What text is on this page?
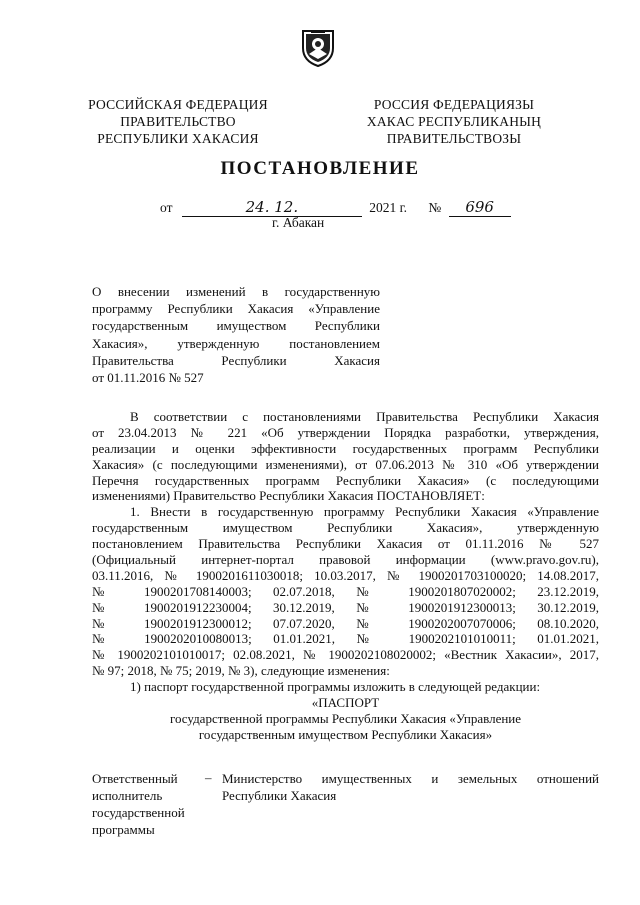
РОССИЙСКАЯ ФЕДЕРАЦИЯ
ПРАВИТЕЛЬСТВО
РЕСПУБЛИКИ ХАКАСИЯ
РОССИЯ ФЕДЕРАЦИЯЗЫ
ХАКАС РЕСПУБЛИКАНЫҢ
ПРАВИТЕЛЬСТВОЗЫ
ПОСТАНОВЛЕНИЕ
от	24. 12.	2021 г. № 696
г. Абакан
О внесении изменений в государственную
программу Республики Хакасия «Управление
государственным имуществом Республики
Хакасия», утвержденную постановлением
Правительства Республики Хакасия
от 01.11.2016 № 527
В соответствии с постановлениями Правительства Республики Хакасия
от 23.04.2013 № 221 «Об утверждении Порядка разработки, утверждения,
реализации и оценки эффективности государственных программ Республики
Хакасия» (с последующими изменениями), от 07.06.2013 № 310 «Об утверждении
Перечня государственных программ Республики Хакасия» (с последующими
изменениями) Правительство Республики Хакасия ПОСТАНОВЛЯЕТ:
1. Внести в государственную программу Республики Хакасия «Управление
государственным имуществом Республики Хакасия», утвержденную
постановлением Правительства Республики Хакасия от 01.11.2016 № 527
(Официальный интернет-портал правовой информации (www.pravo.gov.ru),
03.11.2016, № 1900201611030018; 10.03.2017, № 1900201703100020; 14.08.2017,
№ 1900201708140003; 02.07.2018, № 1900201807020002; 23.12.2019,
№ 1900201912230004; 30.12.2019, № 1900201912300013; 30.12.2019,
№ 1900201912300012; 07.07.2020, № 1900202007070006; 08.10.2020,
№ 1900202010080013; 01.01.2021, № 1900202101010011; 01.01.2021,
№ 1900202101010017; 02.08.2021, № 1900202108020002; «Вестник Хакасии», 2017,
№ 97; 2018, № 75; 2019, № 3), следующие изменения:
1) паспорт государственной программы изложить в следующей редакции:
«ПАСПОРТ
государственной программы Республики Хакасия «Управление
государственным имуществом Республики Хакасия»
Ответственный
исполнитель
государственной
программы
– Министерство имущественных и земельных отношений
Республики Хакасия
